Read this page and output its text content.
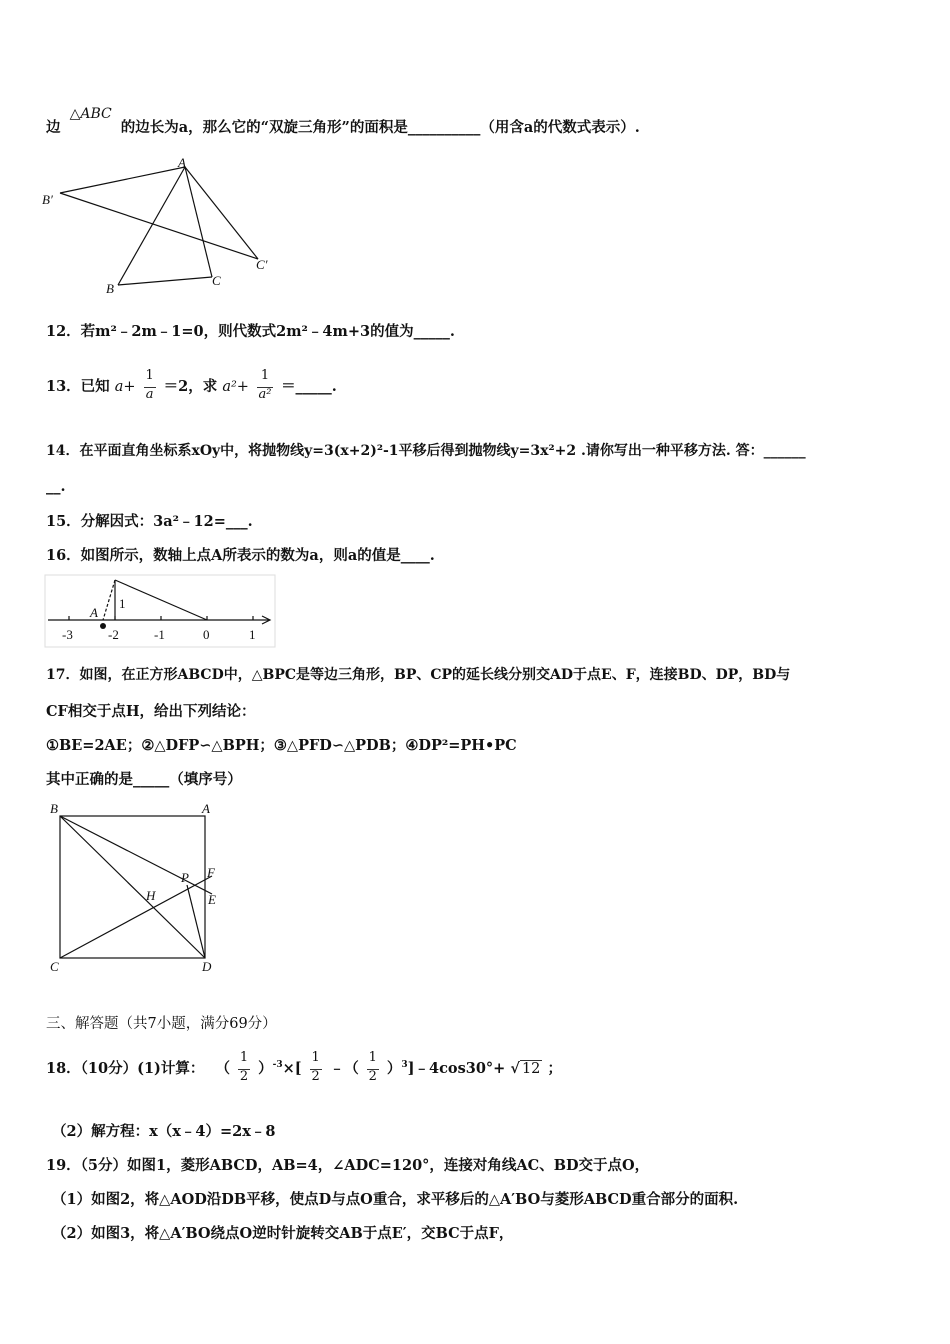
边 △ABC 的边长为a，那么它的“双旋三角形”的面积是__________（用含a的代数式表示）.
A
B′
C′
B
C
12．若m²﹣2m﹣1=0，则代数式2m²﹣4m+3的值为_____.
13．已知 $a+ \frac{1}{a} =2$，求 $a^2+ \frac{1}{\text{a²}}$ ＝_____.
14．在平面直角坐标系xOy中，将抛物线y=3(x+2)²-1平移后得到抛物线y=3x²+2 .请你写出一种平移方法. 答：______
__.
15．分解因式：3a²﹣12=___.
16．如图所示，数轴上点A所表示的数为a，则a的值是____.
A
1
-3	-2	-1	0	1
17．如图，在正方形ABCD中，△BPC是等边三角形，BP、CP的延长线分别交AD于点E、F，连接BD、DP，BD与
CF相交于点H，给出下列结论：
①BE=2AE；②△DFP∽△BPH；③△PFD∽△PDB；④DP²=PH•PC
其中正确的是_____（填序号）
B	A
P F
H	E
C	D
三、解答题（共7小题，满分69分）
18．（10分）(1)计算： （ $\frac{1}{2} )^{-3}\times[ \frac{1}{2}$ ﹣（ $\frac{1}{2}$ ）$^3$]﹣4cos30°+ √ 12 ；
（2）解方程：x（x﹣4）=2x﹣8
19．（5分）如图1，菱形ABCD，AB=4，∠ADC=120°，连接对角线AC、BD交于点O，
（1）如图2，将△AOD沿DB平移，使点D与点O重合，求平移后的△A′BO与菱形ABCD重合部分的面积.
（2）如图3，将△A′BO绕点O逆时针旋转交AB于点E′，交BC于点F，
